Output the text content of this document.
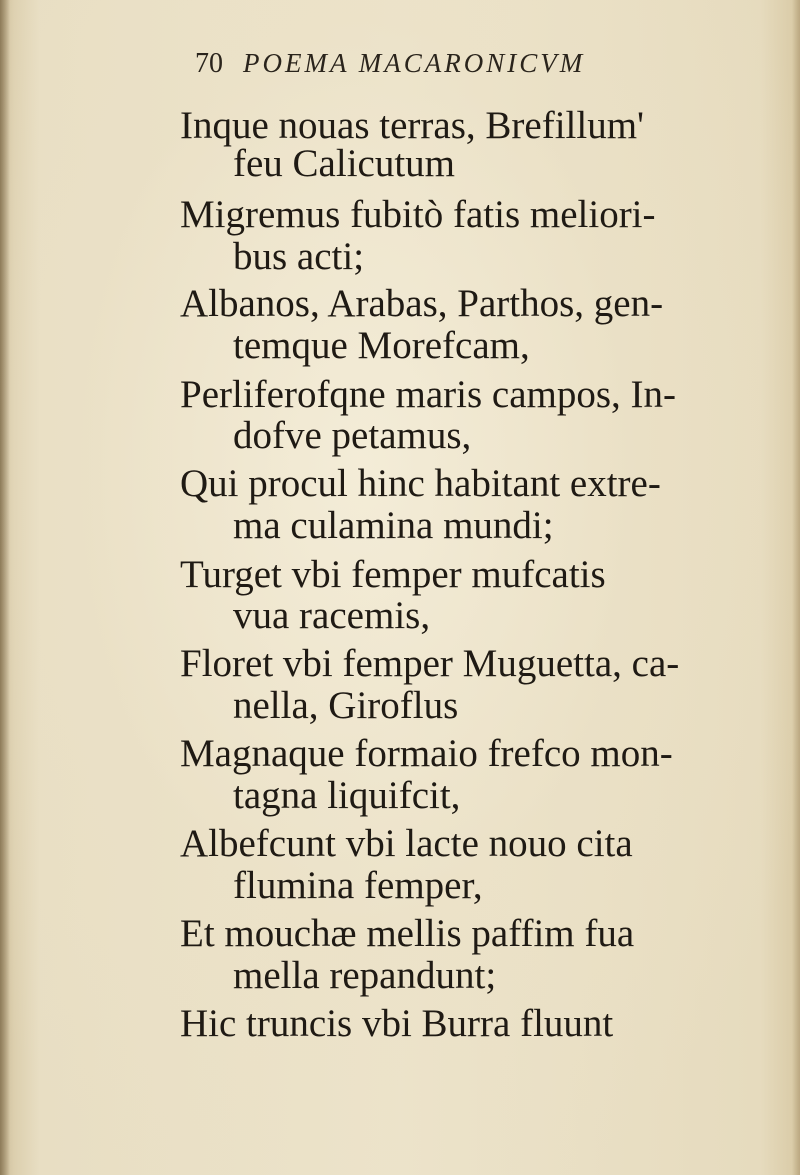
70 POEMA MACARONICVM
Inque nouas terras, Brefillum'
feu Calicutum
Migremus fubitò fatis meliori-
bus acti;
Albanos, Arabas, Parthos, gen-
temque Morefcam,
Perliferofqne maris campos, In-
dofve petamus,
Qui procul hinc habitant extre-
ma culamina mundi;
Turget vbi femper mufcatis
vua racemis,
Floret vbi femper Muguetta, ca-
nella, Giroflus
Magnaque formaio frefco mon-
tagna liquifcit,
Albefcunt vbi lacte nouo cita
flumina femper,
Et mouchæ mellis paffim fua
mella repandunt;
Hic truncis vbi Burra fluunt
